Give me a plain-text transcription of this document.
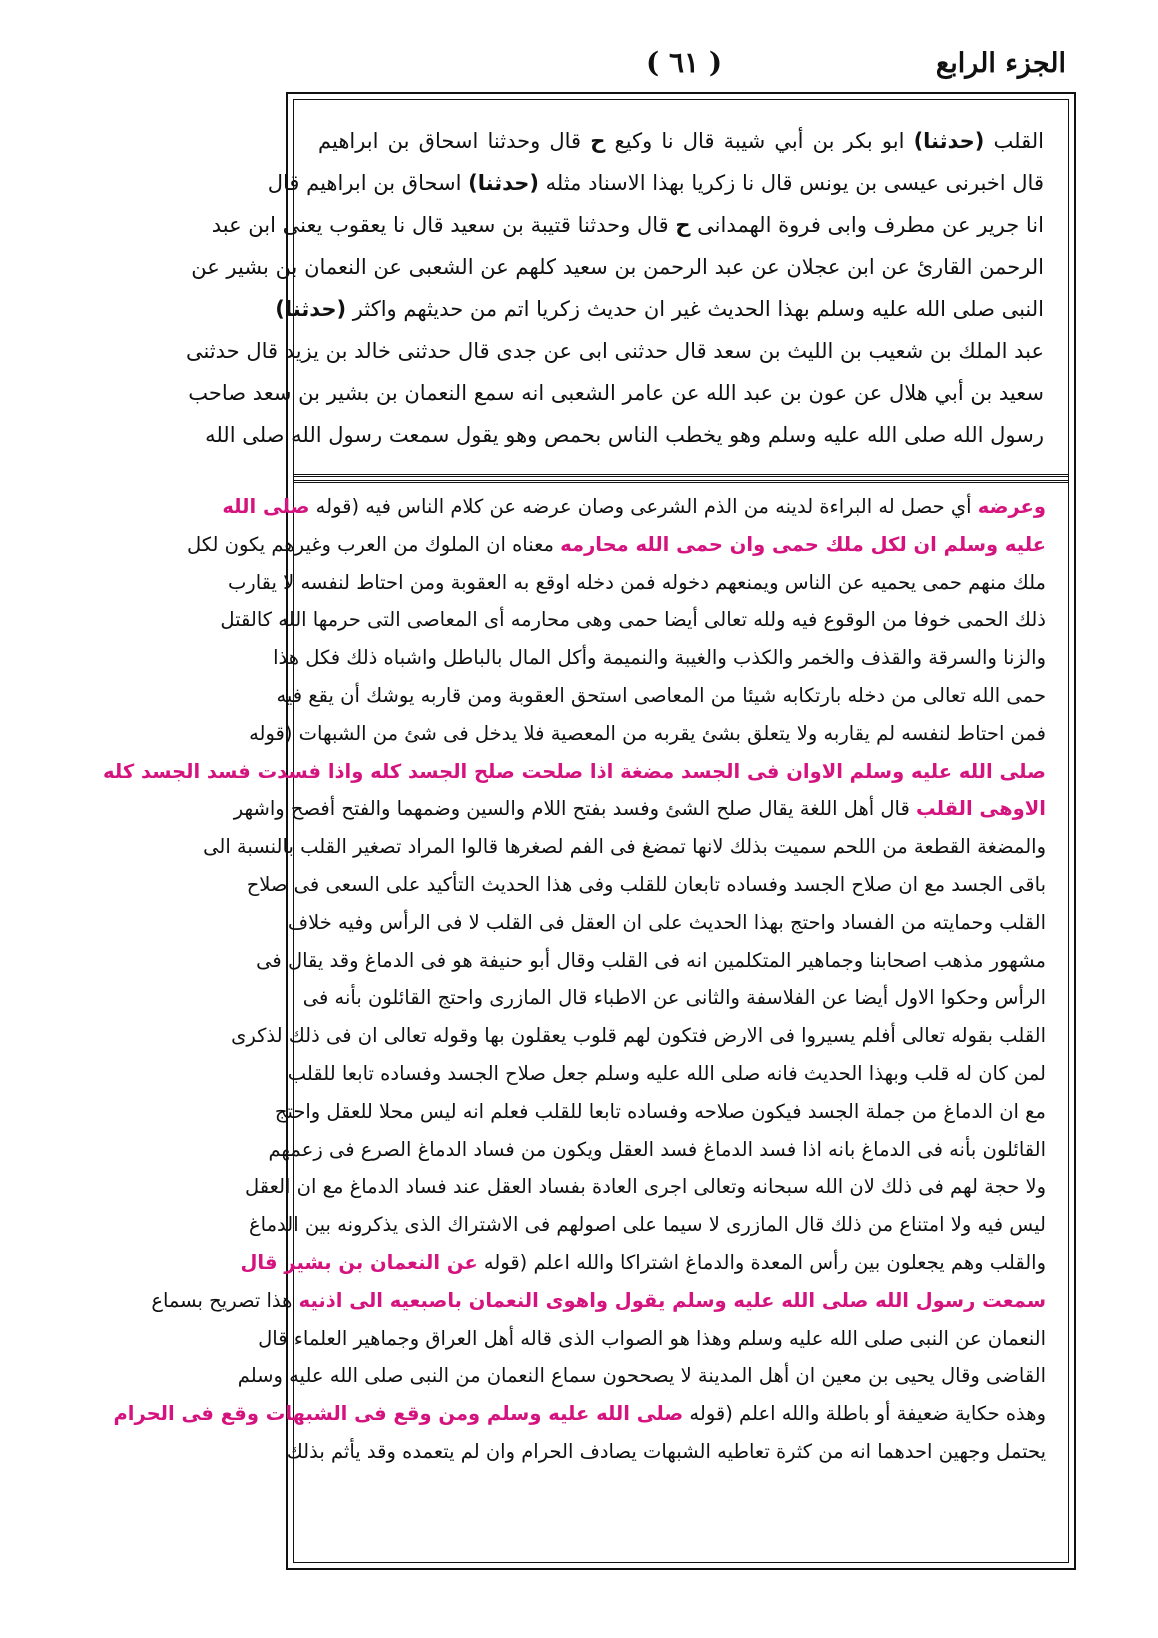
الجزء الرابع
( ٦١ )
القلب (حدثنا) ابو بكر بن أبي شيبة قال نا وكيع ح قال وحدثنا اسحاق بن ابراهيم
قال اخبرنى عيسى بن يونس قال نا زكريا بهذا الاسناد مثله (حدثنا) اسحاق بن ابراهيم قال
انا جرير عن مطرف وابى فروة الهمدانى ح قال وحدثنا قتيبة بن سعيد قال نا يعقوب يعنى ابن عبد
الرحمن القارئ عن ابن عجلان عن عبد الرحمن بن سعيد كلهم عن الشعبى عن النعمان بن بشير عن
النبى صلى الله عليه وسلم بهذا الحديث غير ان حديث زكريا اتم من حديثهم واكثر (حدثنا)
عبد الملك بن شعيب بن الليث بن سعد قال حدثنى ابى عن جدى قال حدثنى خالد بن يزيد قال حدثنى
سعيد بن أبي هلال عن عون بن عبد الله عن عامر الشعبى انه سمع النعمان بن بشير بن سعد صاحب
رسول الله صلى الله عليه وسلم وهو يخطب الناس بحمص وهو يقول سمعت رسول الله صلى الله
وعرضه أي حصل له البراءة لدينه من الذم الشرعى وصان عرضه عن كلام الناس فيه (قوله صلى الله
عليه وسلم ان لكل ملك حمى وان حمى الله محارمه معناه ان الملوك من العرب وغيرهم يكون لكل
ملك منهم حمى يحميه عن الناس ويمنعهم دخوله فمن دخله اوقع به العقوبة ومن احتاط لنفسه لا يقارب
ذلك الحمى خوفا من الوقوع فيه ولله تعالى أيضا حمى وهى محارمه أى المعاصى التى حرمها الله كالقتل
والزنا والسرقة والقذف والخمر والكذب والغيبة والنميمة وأكل المال بالباطل واشباه ذلك فكل هذا
حمى الله تعالى من دخله بارتكابه شيئا من المعاصى استحق العقوبة ومن قاربه يوشك أن يقع فيه
فمن احتاط لنفسه لم يقاربه ولا يتعلق بشئ يقربه من المعصية فلا يدخل فى شئ من الشبهات (قوله
صلى الله عليه وسلم الاوان فى الجسد مضغة اذا صلحت صلح الجسد كله واذا فسدت فسد الجسد كله
الاوهى القلب قال أهل اللغة يقال صلح الشئ وفسد بفتح اللام والسين وضمهما والفتح أفصح واشهر
والمضغة القطعة من اللحم سميت بذلك لانها تمضغ فى الفم لصغرها قالوا المراد تصغير القلب بالنسبة الى
باقى الجسد مع ان صلاح الجسد وفساده تابعان للقلب وفى هذا الحديث التأكيد على السعى فى صلاح
القلب وحمايته من الفساد واحتج بهذا الحديث على ان العقل فى القلب لا فى الرأس وفيه خلاف
مشهور مذهب اصحابنا وجماهير المتكلمين انه فى القلب وقال أبو حنيفة هو فى الدماغ وقد يقال فى
الرأس وحكوا الاول أيضا عن الفلاسفة والثانى عن الاطباء قال المازرى واحتج القائلون بأنه فى
القلب بقوله تعالى أفلم يسيروا فى الارض فتكون لهم قلوب يعقلون بها وقوله تعالى ان فى ذلك لذكرى
لمن كان له قلب وبهذا الحديث فانه صلى الله عليه وسلم جعل صلاح الجسد وفساده تابعا للقلب
مع ان الدماغ من جملة الجسد فيكون صلاحه وفساده تابعا للقلب فعلم انه ليس محلا للعقل واحتج
القائلون بأنه فى الدماغ بانه اذا فسد الدماغ فسد العقل ويكون من فساد الدماغ الصرع فى زعمهم
ولا حجة لهم فى ذلك لان الله سبحانه وتعالى اجرى العادة بفساد العقل عند فساد الدماغ مع ان العقل
ليس فيه ولا امتناع من ذلك قال المازرى لا سيما على اصولهم فى الاشتراك الذى يذكرونه بين الدماغ
والقلب وهم يجعلون بين رأس المعدة والدماغ اشتراكا والله اعلم (قوله عن النعمان بن بشير قال
سمعت رسول الله صلى الله عليه وسلم يقول واهوى النعمان باصبعيه الى اذنيه هذا تصريح بسماع
النعمان عن النبى صلى الله عليه وسلم وهذا هو الصواب الذى قاله أهل العراق وجماهير العلماء قال
القاضى وقال يحيى بن معين ان أهل المدينة لا يصححون سماع النعمان من النبى صلى الله عليه وسلم
وهذه حكاية ضعيفة أو باطلة والله اعلم (قوله صلى الله عليه وسلم ومن وقع فى الشبهات وقع فى الحرام
يحتمل وجهين احدهما انه من كثرة تعاطيه الشبهات يصادف الحرام وان لم يتعمده وقد يأثم بذلك
